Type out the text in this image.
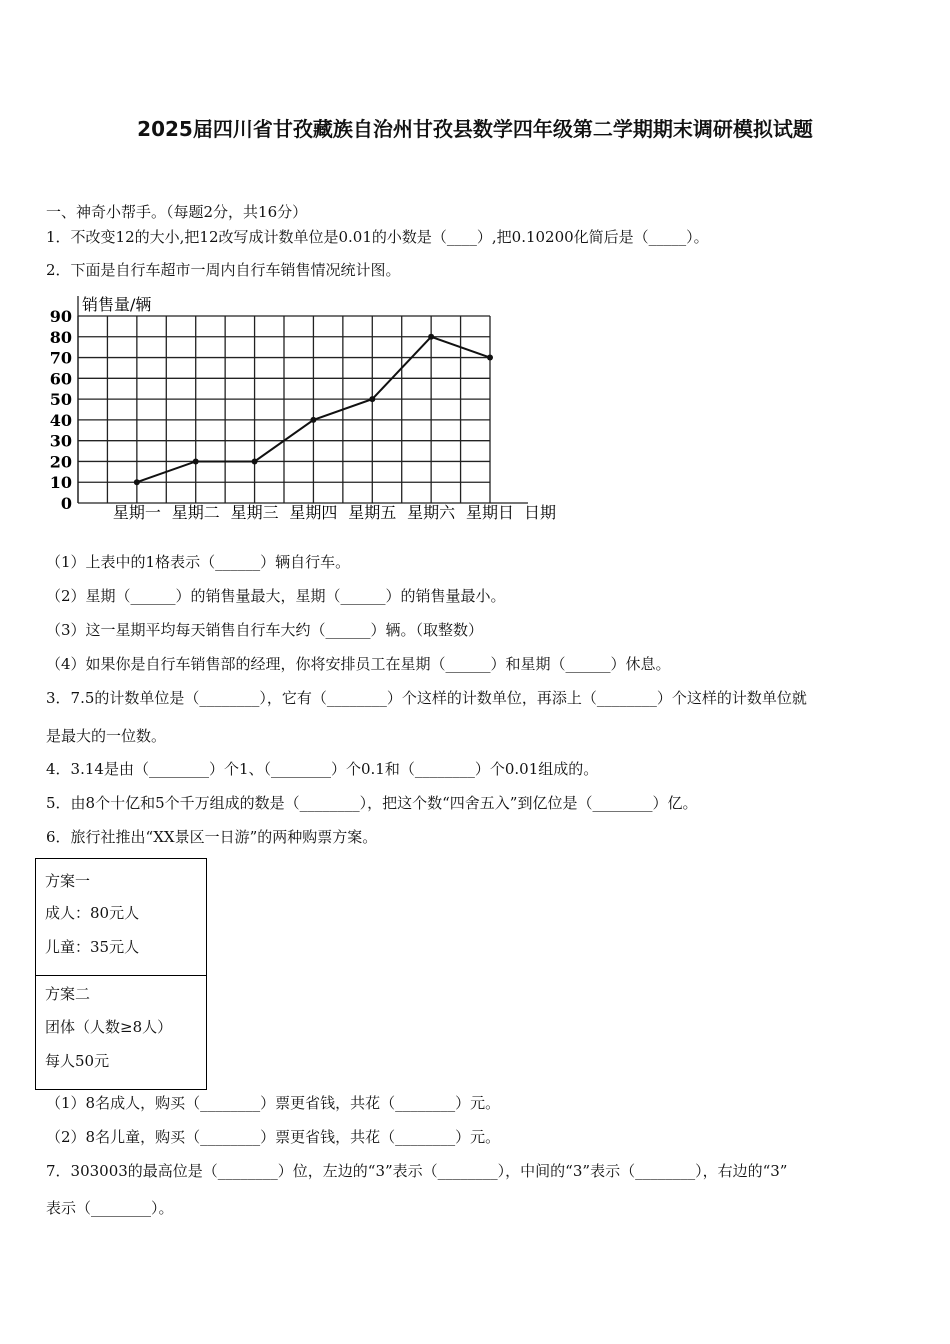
2025届四川省甘孜藏族自治州甘孜县数学四年级第二学期期末调研模拟试题
一、神奇小帮手。（每题2分，共16分）
1．不改变12的大小,把12改写成计数单位是0.01的小数是（____）,把0.10200化简后是（_____）。
2．下面是自行车超市一周内自行车销售情况统计图。
销售量/辆
0
10
20
30
40
50
60
70
80
90
星期一 星期二 星期三 星期四 星期五 星期六 星期日 日期
（1）上表中的1格表示（______）辆自行车。
（2）星期（______）的销售量最大，星期（______）的销售量最小。
（3）这一星期平均每天销售自行车大约（______）辆。（取整数）
（4）如果你是自行车销售部的经理，你将安排员工在星期（______）和星期（______）休息。
3．7.5的计数单位是（________），它有（________）个这样的计数单位，再添上（________）个这样的计数单位就
是最大的一位数。
4．3.14是由（________）个1、（________）个0.1和（________）个0.01组成的。
5．由8个十亿和5个千万组成的数是（________），把这个数“四舍五入”到亿位是（________）亿。
6．旅行社推出“XX景区一日游”的两种购票方案。
方案一
成人：80元人
儿童：35元人
方案二
团体（人数≥8人）
每人50元
（1）8名成人，购买（________）票更省钱，共花（________）元。
（2）8名儿童，购买（________）票更省钱，共花（________）元。
7．303003的最高位是（________）位，左边的“3”表示（________），中间的“3”表示（________），右边的“3”
表示（________）。
